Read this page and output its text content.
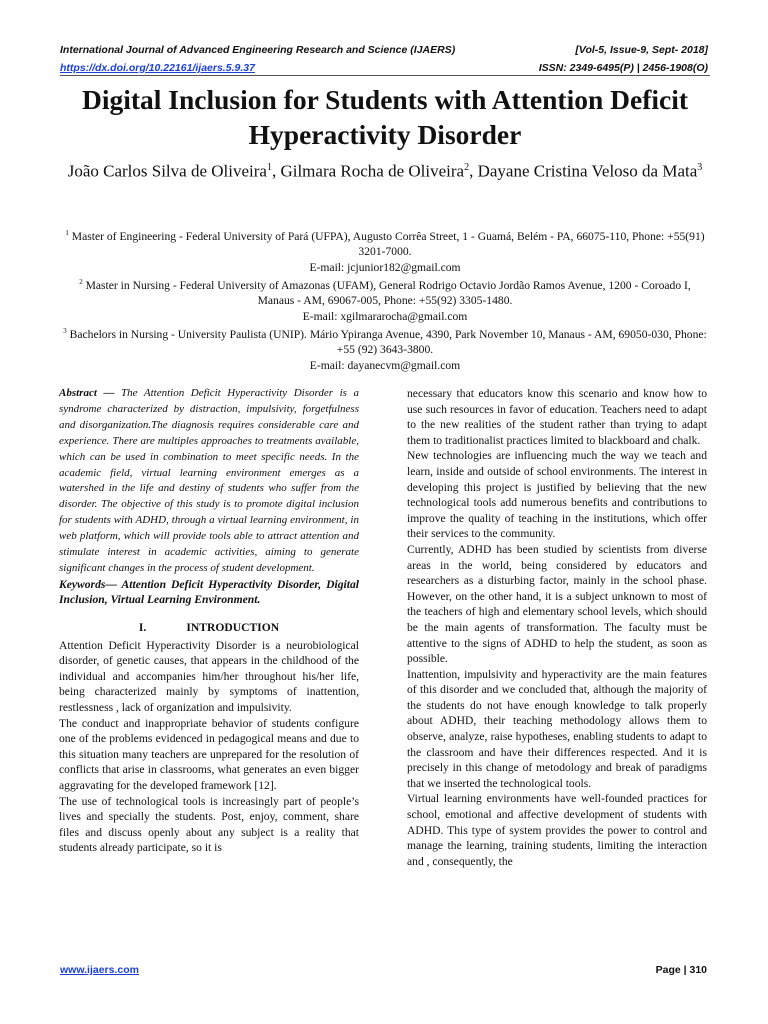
International Journal of Advanced Engineering Research and Science (IJAERS)	[Vol-5, Issue-9, Sept- 2018]
https://dx.doi.org/10.22161/ijaers.5.9.37	ISSN: 2349-6495(P) | 2456-1908(O)
Digital Inclusion for Students with Attention Deficit Hyperactivity Disorder
João Carlos Silva de Oliveira$^1$, Gilmara Rocha de Oliveira$^2$, Dayane Cristina Veloso da Mata$^3$

$^1$ Master of Engineering - Federal University of Pará (UFPA), Augusto Corrêa Street, 1 - Guamá, Belém - PA, 66075-110, Phone: +55(91) 3201-7000.

E-mail: jcjunior182@gmail.com

$^2$ Master in Nursing - Federal University of Amazonas (UFAM), General Rodrigo Octavio Jordão Ramos Avenue, 1200 - Coroado I, Manaus - AM, 69067-005, Phone: +55(92) 3305-1480.

E-mail: xgilmararocha@gmail.com

$^3$ Bachelors in Nursing - University Paulista (UNIP). Mário Ypiranga Avenue, 4390, Park November 10, Manaus - AM, 69050-030, Phone: +55 (92) 3643-3800.

E-mail: dayanecvm@gmail.com

Abstract — The Attention Deficit Hyperactivity Disorder is a syndrome characterized by distraction, impulsivity, forgetfulness and disorganization.The diagnosis requires considerable care and experience. There are multiples approaches to treatments available, which can be used in combination to meet specific needs. In the academic field, virtual learning environment emerges as a watershed in the life and destiny of students who suffer from the disorder. The objective of this study is to promote digital inclusion for students with ADHD, through a virtual learning environment, in web platform, which will provide tools able to attract attention and stimulate interest in academic activities, aiming to generate significant changes in the process of student development.

Keywords— Attention Deficit Hyperactivity Disorder, Digital Inclusion, Virtual Learning Environment.

I.	INTRODUCTION

Attention Deficit Hyperactivity Disorder is a neurobiological disorder, of genetic causes, that appears in the childhood of the individual and accompanies him/her throughout his/her life, being characterized mainly by symptoms of inattention, restlessness , lack of organization and impulsivity.

The conduct and inappropriate behavior of students configure one of the problems evidenced in pedagogical means and due to this situation many teachers are unprepared for the resolution of conflicts that arise in classrooms, what generates an even bigger aggravating for the developed framework [12].

The use of technological tools is increasingly part of people’s lives and specially the students. Post, enjoy, comment, share files and discuss openly about any subject is a reality that students already participate, so it is

necessary that educators know this scenario and know how to use such resources in favor of education. Teachers need to adapt to the new realities of the student rather than trying to adapt them to traditionalist practices limited to blackboard and chalk.

New technologies are influencing much the way we teach and learn, inside and outside of school environments. The interest in developing this project is justified by believing that the new technological tools add numerous benefits and contributions to improve the quality of teaching in the institutions, which offer their services to the community.

Currently, ADHD has been studied by scientists from diverse areas in the world, being considered by educators and researchers as a disturbing factor, mainly in the school phase. However, on the other hand, it is a subject unknown to most of the teachers of high and elementary school levels, which should be the main agents of transformation. The faculty must be attentive to the signs of ADHD to help the student, as soon as possible.

Inattention, impulsivity and hyperactivity are the main features of this disorder and we concluded that, although the majority of the students do not have enough knowledge to talk properly about ADHD, their teaching methodology allows them to observe, analyze, raise hypotheses, enabling students to adapt to the classroom and have their differences respected. And it is precisely in this change of metodology and break of paradigms that we inserted the technological tools.

Virtual learning environments have well-founded practices for school, emotional and affective development of students with ADHD. This type of system provides the power to control and manage the learning, training students, limiting the interaction and , consequently, the

www.ijaers.com	Page | 310
